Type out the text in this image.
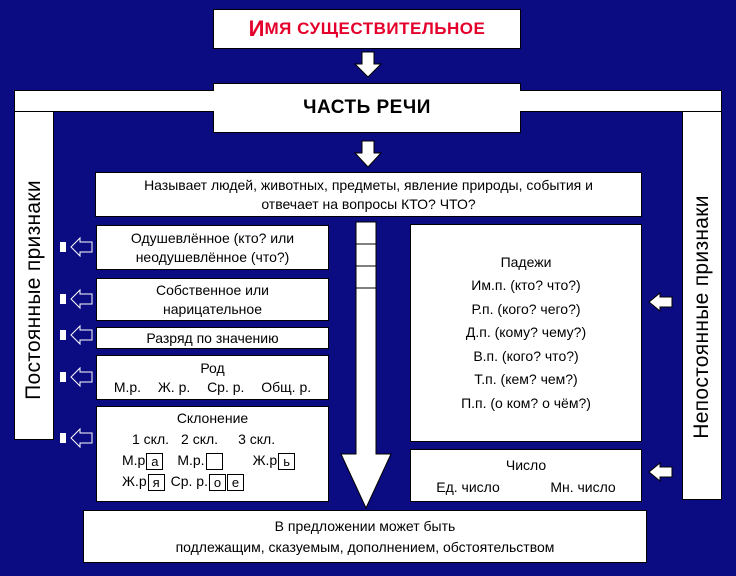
И МЯ СУЩЕСТВИТЕЛЬНОЕ
ЧАСТЬ РЕЧИ
Постоянные признаки	Непостоянные признаки
Называет людей, животных, предметы, явление природы, события и
отвечает на вопросы КТО? ЧТО?
Одушевлённое (кто? или
неодушевлённое (что?)
Собственное или
нарицательное
Разряд по значению
Род
М.р. Ж. р. Ср. р. Общ. р.
Склонение
1 скл. 2 скл. 3 скл.
М.р а	М.р.	Ж.р ь
Ж.р я Ср. р. о е
Падежи
Им.п. (кто? что?)
Р.п. (кого? чего?)
Д.п. (кому? чему?)
В.п. (кого? что?)
Т.п. (кем? чем?)
П.п. (о ком? о чём?)
Число
Ед. число	Мн. число
В предложении может быть
подлежащим, сказуемым, дополнением, обстоятельством
